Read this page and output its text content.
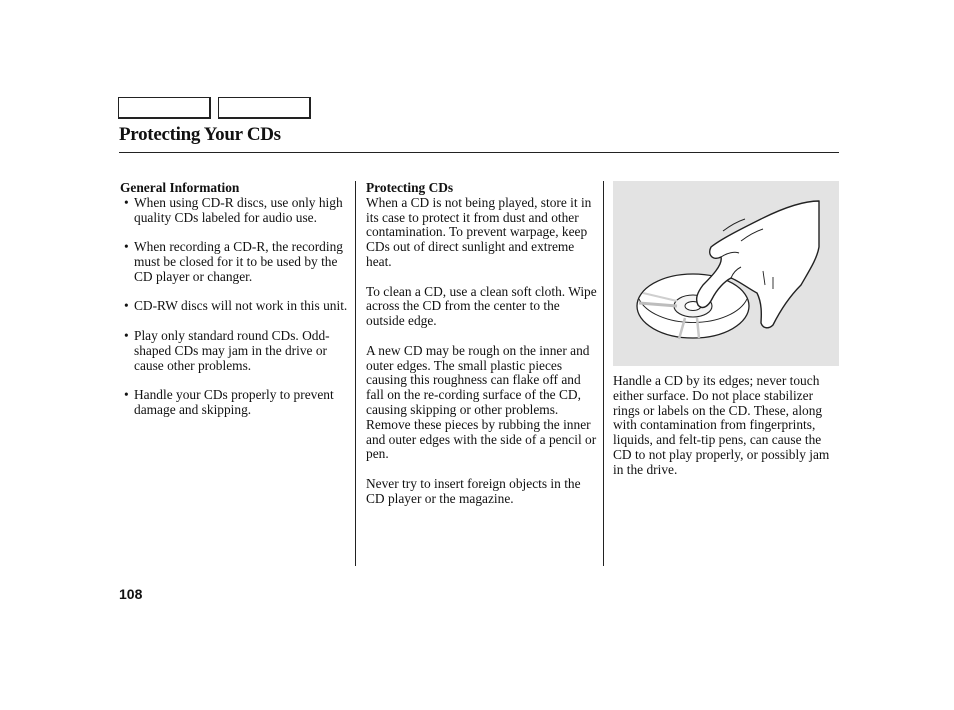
Protecting Your CDs

General Information

• When using CD-R discs, use only high quality CDs labeled for audio use.
• When recording a CD-R, the recording must be closed for it to be used by the CD player or changer.
• CD-RW discs will not work in this unit.
• Play only standard round CDs. Odd-shaped CDs may jam in the drive or cause other problems.
• Handle your CDs properly to prevent damage and skipping.

Protecting CDs

When a CD is not being played, store it in its case to protect it from dust and other contamination. To prevent warpage, keep CDs out of direct sunlight and extreme heat.

To clean a CD, use a clean soft cloth. Wipe across the CD from the center to the outside edge.

A new CD may be rough on the inner and outer edges. The small plastic pieces causing this roughness can flake off and fall on the re-cording surface of the CD, causing skipping or other problems. Remove these pieces by rubbing the inner and outer edges with the side of a pencil or pen.

Never try to insert foreign objects in the CD player or the magazine.

Handle a CD by its edges; never touch either surface. Do not place stabilizer rings or labels on the CD. These, along with contamination from fingerprints, liquids, and felt-tip pens, can cause the CD to not play properly, or possibly jam in the drive.
108
